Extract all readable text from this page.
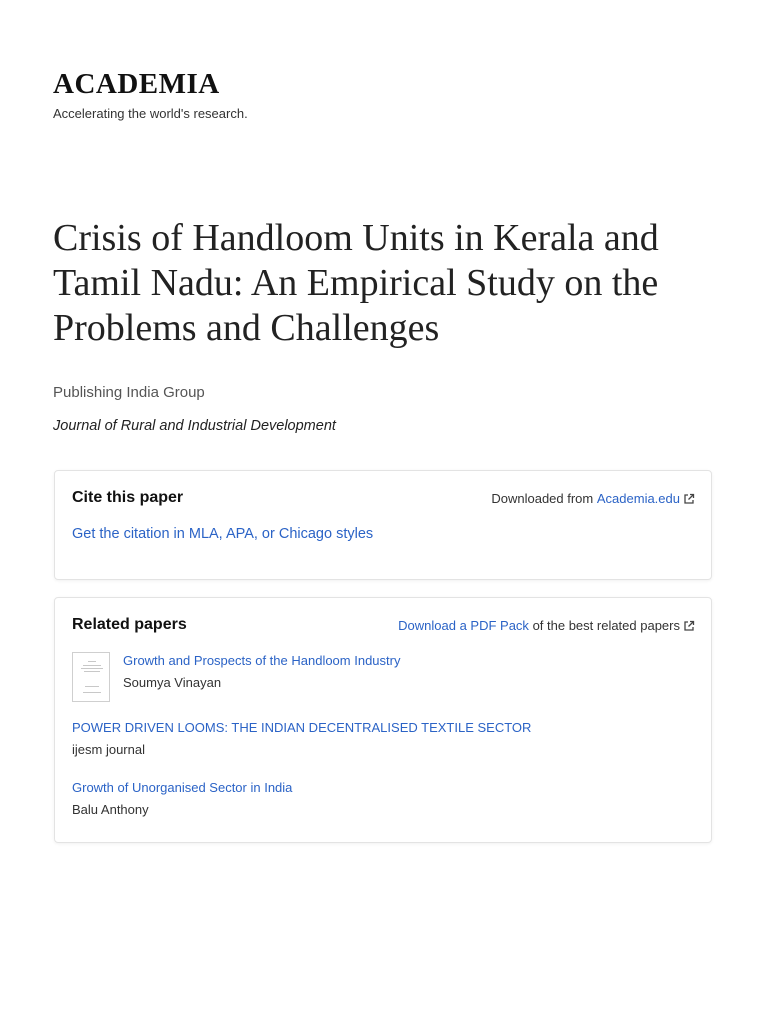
ACADEMIA
Accelerating the world's research.
Crisis of Handloom Units in Kerala and Tamil Nadu: An Empirical Study on the Problems and Challenges
Publishing India Group
Journal of Rural and Industrial Development
Cite this paper	Downloaded from
Academia.edu
Get the citation in MLA, APA, or Chicago styles
Related papers	Download a PDF Pack
of the best related papers
Growth and Prospects of the Handloom Industry
Soumya Vinayan
POWER DRIVEN LOOMS: THE INDIAN DECENTRALISED TEXTILE SECTOR
ijesm journal
Growth of Unorganised Sector in India
Balu Anthony
